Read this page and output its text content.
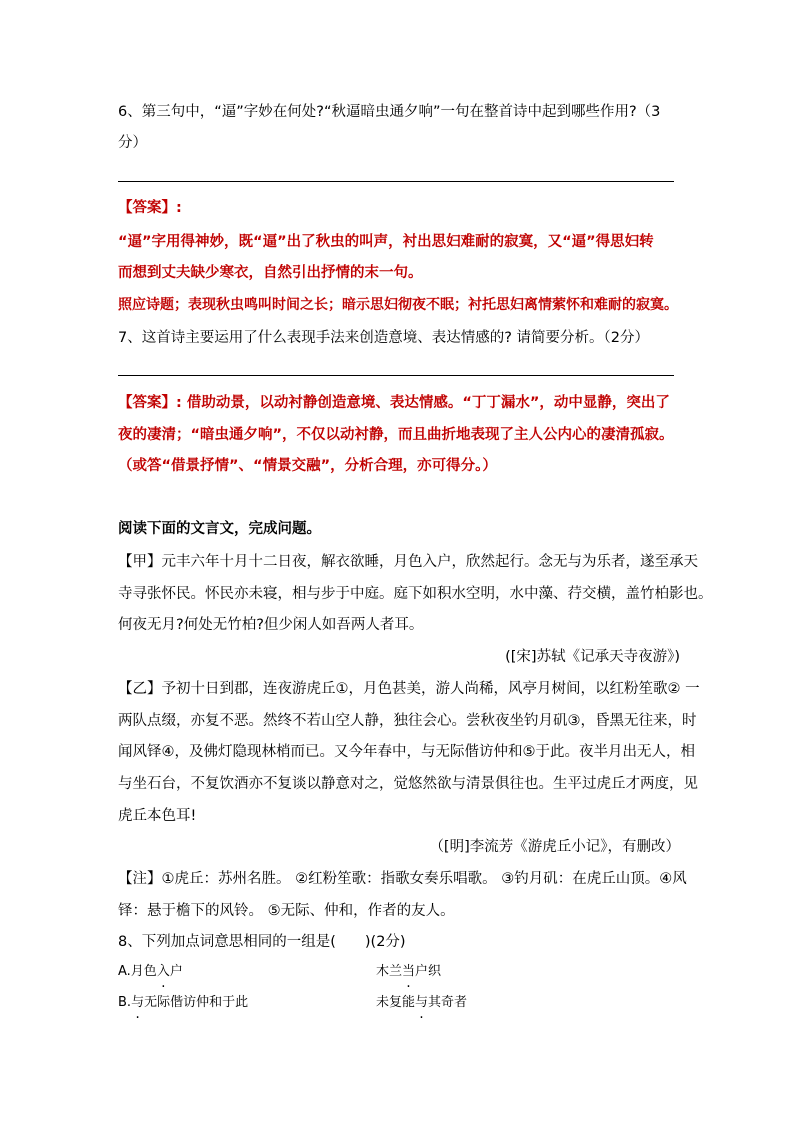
6、第三句中，“逼”字妙在何处?“秋逼暗虫通夕响”一句在整首诗中起到哪些作用?（3
分）
【答案】:
“逼”字用得神妙，既“逼”出了秋虫的叫声，衬出思妇难耐的寂寞，又“逼”得思妇转
而想到丈夫缺少寒衣，自然引出抒情的末一句。
照应诗题；表现秋虫鸣叫时间之长；暗示思妇彻夜不眠；衬托思妇离情萦怀和难耐的寂寞。
7、这首诗主要运用了什么表现手法来创造意境、表达情感的? 请简要分析。（2分）
【答案】: 借助动景，以动衬静创造意境、表达情感。“丁丁漏水”，动中显静，突出了
夜的凄清；“暗虫通夕响”，不仅以动衬静，而且曲折地表现了主人公内心的凄清孤寂。
（或答“借景抒情”、“情景交融”，分析合理，亦可得分。）
阅读下面的文言文，完成问题。
【甲】元丰六年十月十二日夜，解衣欲睡，月色入户，欣然起行。念无与为乐者，遂至承天
寺寻张怀民。怀民亦未寝，相与步于中庭。庭下如积水空明，水中藻、荇交横，盖竹柏影也。
何夜无月?何处无竹柏?但少闲人如吾两人者耳。
([宋]苏轼《记承天寺夜游》)
【乙】予初十日到郡，连夜游虎丘①，月色甚美，游人尚稀，风亭月树间，以红粉笙歌② 一
两队点缀，亦复不恶。然终不若山空人静，独往会心。尝秋夜坐钓月矶③，昏黑无往来，时
闻风铎④，及佛灯隐现林梢而已。又今年春中，与无际偕访仲和⑤于此。夜半月出无人，相
与坐石台，不复饮酒亦不复谈以静意对之，觉悠然欲与清景俱往也。生平过虎丘才两度，见
虎丘本色耳!
（[明]李流芳《游虎丘小记》，有删改）
【注】①虎丘：苏州名胜。 ②红粉笙歌：指歌女奏乐唱歌。 ③钓月矶：在虎丘山顶。④风
铎：悬于檐下的风铃。 ⑤无际、仲和，作者的友人。
8、下列加点词意思相同的一组是(　　)(2分)
A.月色入户	木兰当户织
B.与无际偕访仲和于此	未复能与其奇者
